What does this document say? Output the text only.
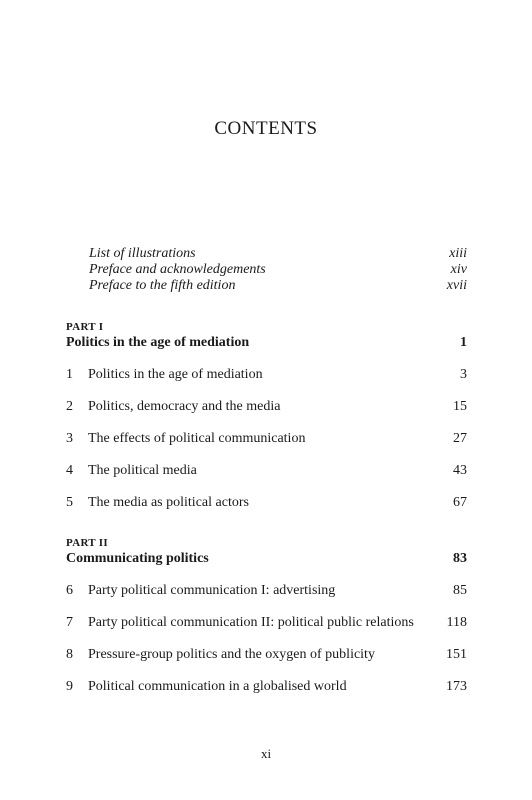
CONTENTS
List of illustrations	xiii
Preface and acknowledgements	xiv
Preface to the fifth edition	xvii
PART I
Politics in the age of mediation	1
1	Politics in the age of mediation	3
2	Politics, democracy and the media	15
3	The effects of political communication	27
4	The political media	43
5	The media as political actors	67
PART II
Communicating politics	83
6	Party political communication I: advertising	85
7	Party political communication II: political public relations	118
8	Pressure-group politics and the oxygen of publicity	151
9	Political communication in a globalised world	173
xi
